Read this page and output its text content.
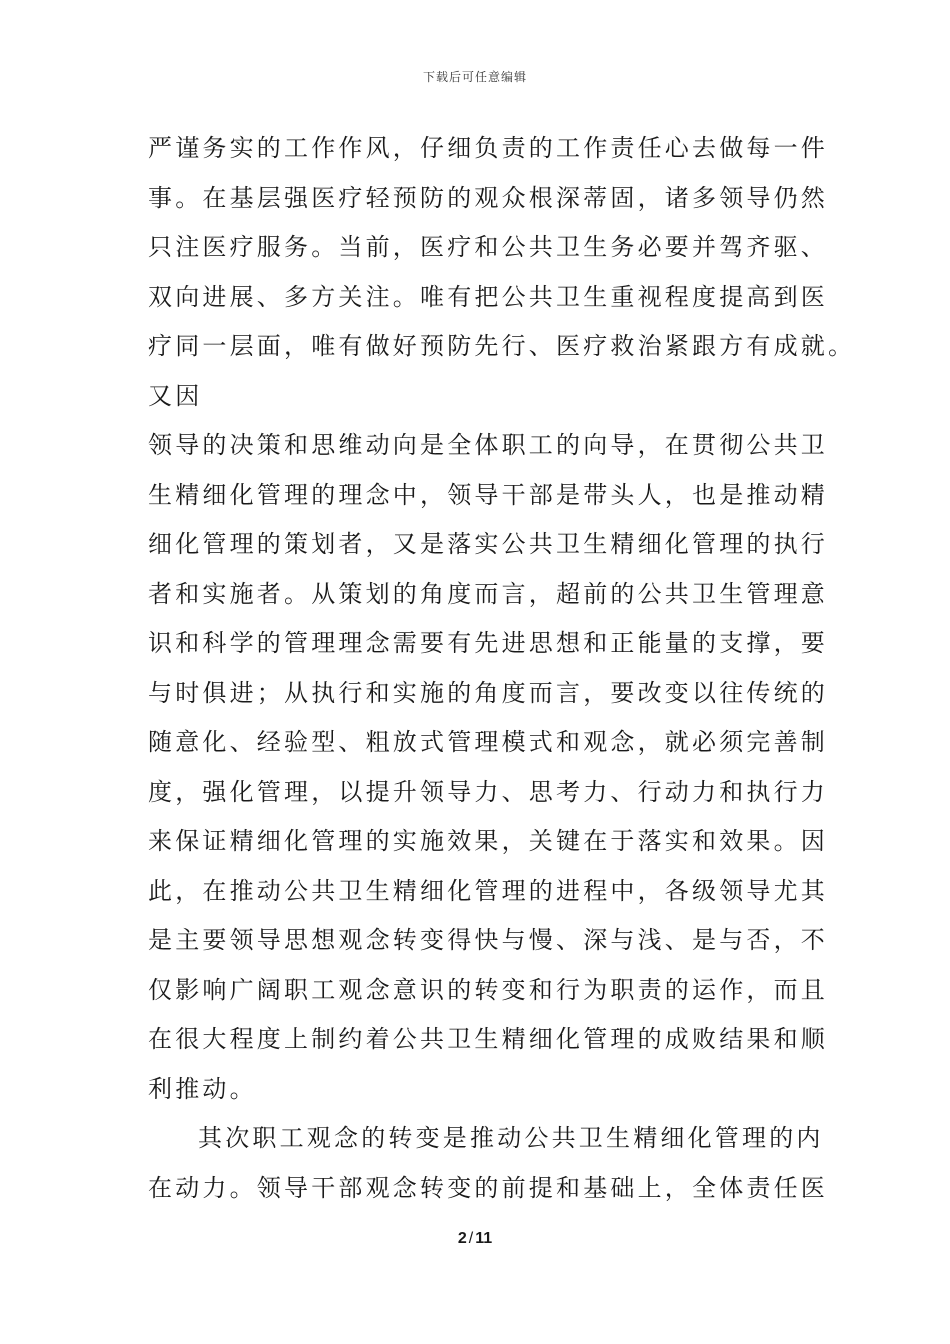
下载后可任意编辑
严谨务实的工作作风，仔细负责的工作责任心去做每一件
事。在基层强医疗轻预防的观众根深蒂固，诸多领导仍然
只注医疗服务。当前，医疗和公共卫生务必要并驾齐驱、
双向进展、多方关注。唯有把公共卫生重视程度提高到医
疗同一层面，唯有做好预防先行、医疗救治紧跟方有成就。
又因
领导的决策和思维动向是全体职工的向导，在贯彻公共卫
生精细化管理的理念中，领导干部是带头人，也是推动精
细化管理的策划者，又是落实公共卫生精细化管理的执行
者和实施者。从策划的角度而言，超前的公共卫生管理意
识和科学的管理理念需要有先进思想和正能量的支撑，要
与时俱进；从执行和实施的角度而言，要改变以往传统的
随意化、经验型、粗放式管理模式和观念，就必须完善制
度，强化管理，以提升领导力、思考力、行动力和执行力
来保证精细化管理的实施效果，关键在于落实和效果。因
此，在推动公共卫生精细化管理的进程中，各级领导尤其
是主要领导思想观念转变得快与慢、深与浅、是与否，不
仅影响广阔职工观念意识的转变和行为职责的运作，而且
在很大程度上制约着公共卫生精细化管理的成败结果和顺
利推动。
其次职工观念的转变是推动公共卫生精细化管理的内
在动力。领导干部观念转变的前提和基础上，全体责任医
2 / 11
